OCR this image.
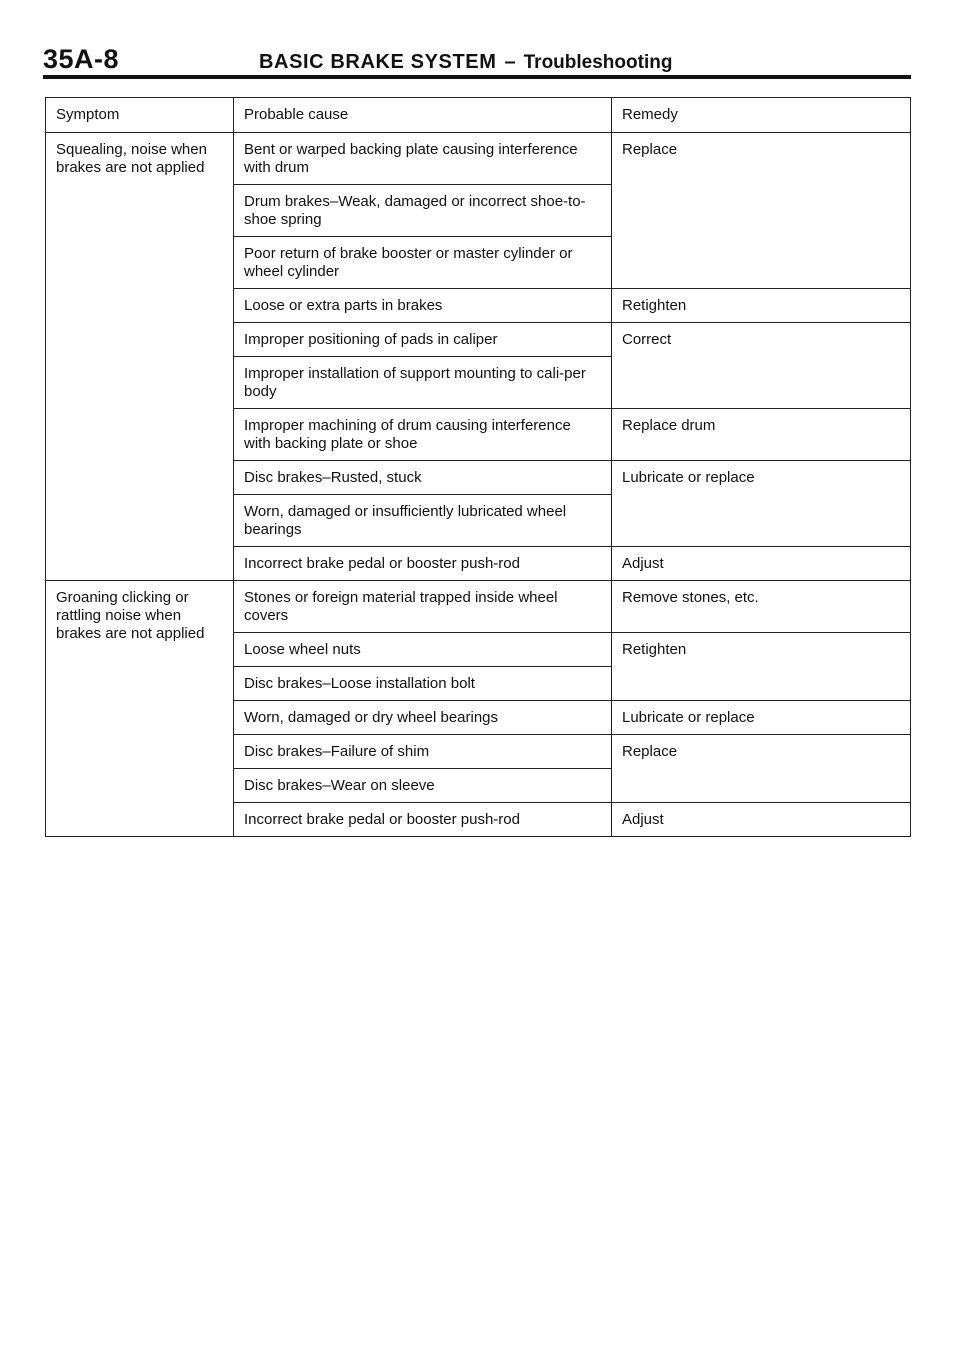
35A-8	BASIC BRAKE SYSTEM – Troubleshooting
Symptom	Probable cause	Remedy
Squealing, noise when brakes are not applied	Bent or warped backing plate causing interference with drum	Replace
	Drum brakes–Weak, damaged or incorrect shoe-to-shoe spring	
	Poor return of brake booster or master cylinder or wheel cylinder	
	Loose or extra parts in brakes	Retighten
	Improper positioning of pads in caliper	Correct
	Improper installation of support mounting to cali-per body	
	Improper machining of drum causing interference with backing plate or shoe	Replace drum
	Disc brakes–Rusted, stuck	Lubricate or replace
	Worn, damaged or insufficiently lubricated wheel bearings	
	Incorrect brake pedal or booster push-rod	Adjust
Groaning clicking or rattling noise when brakes are not applied	Stones or foreign material trapped inside wheel covers	Remove stones, etc.
	Loose wheel nuts	Retighten
	Disc brakes–Loose installation bolt	
	Worn, damaged or dry wheel bearings	Lubricate or replace
	Disc brakes–Failure of shim	Replace
	Disc brakes–Wear on sleeve	
	Incorrect brake pedal or booster push-rod	Adjust
